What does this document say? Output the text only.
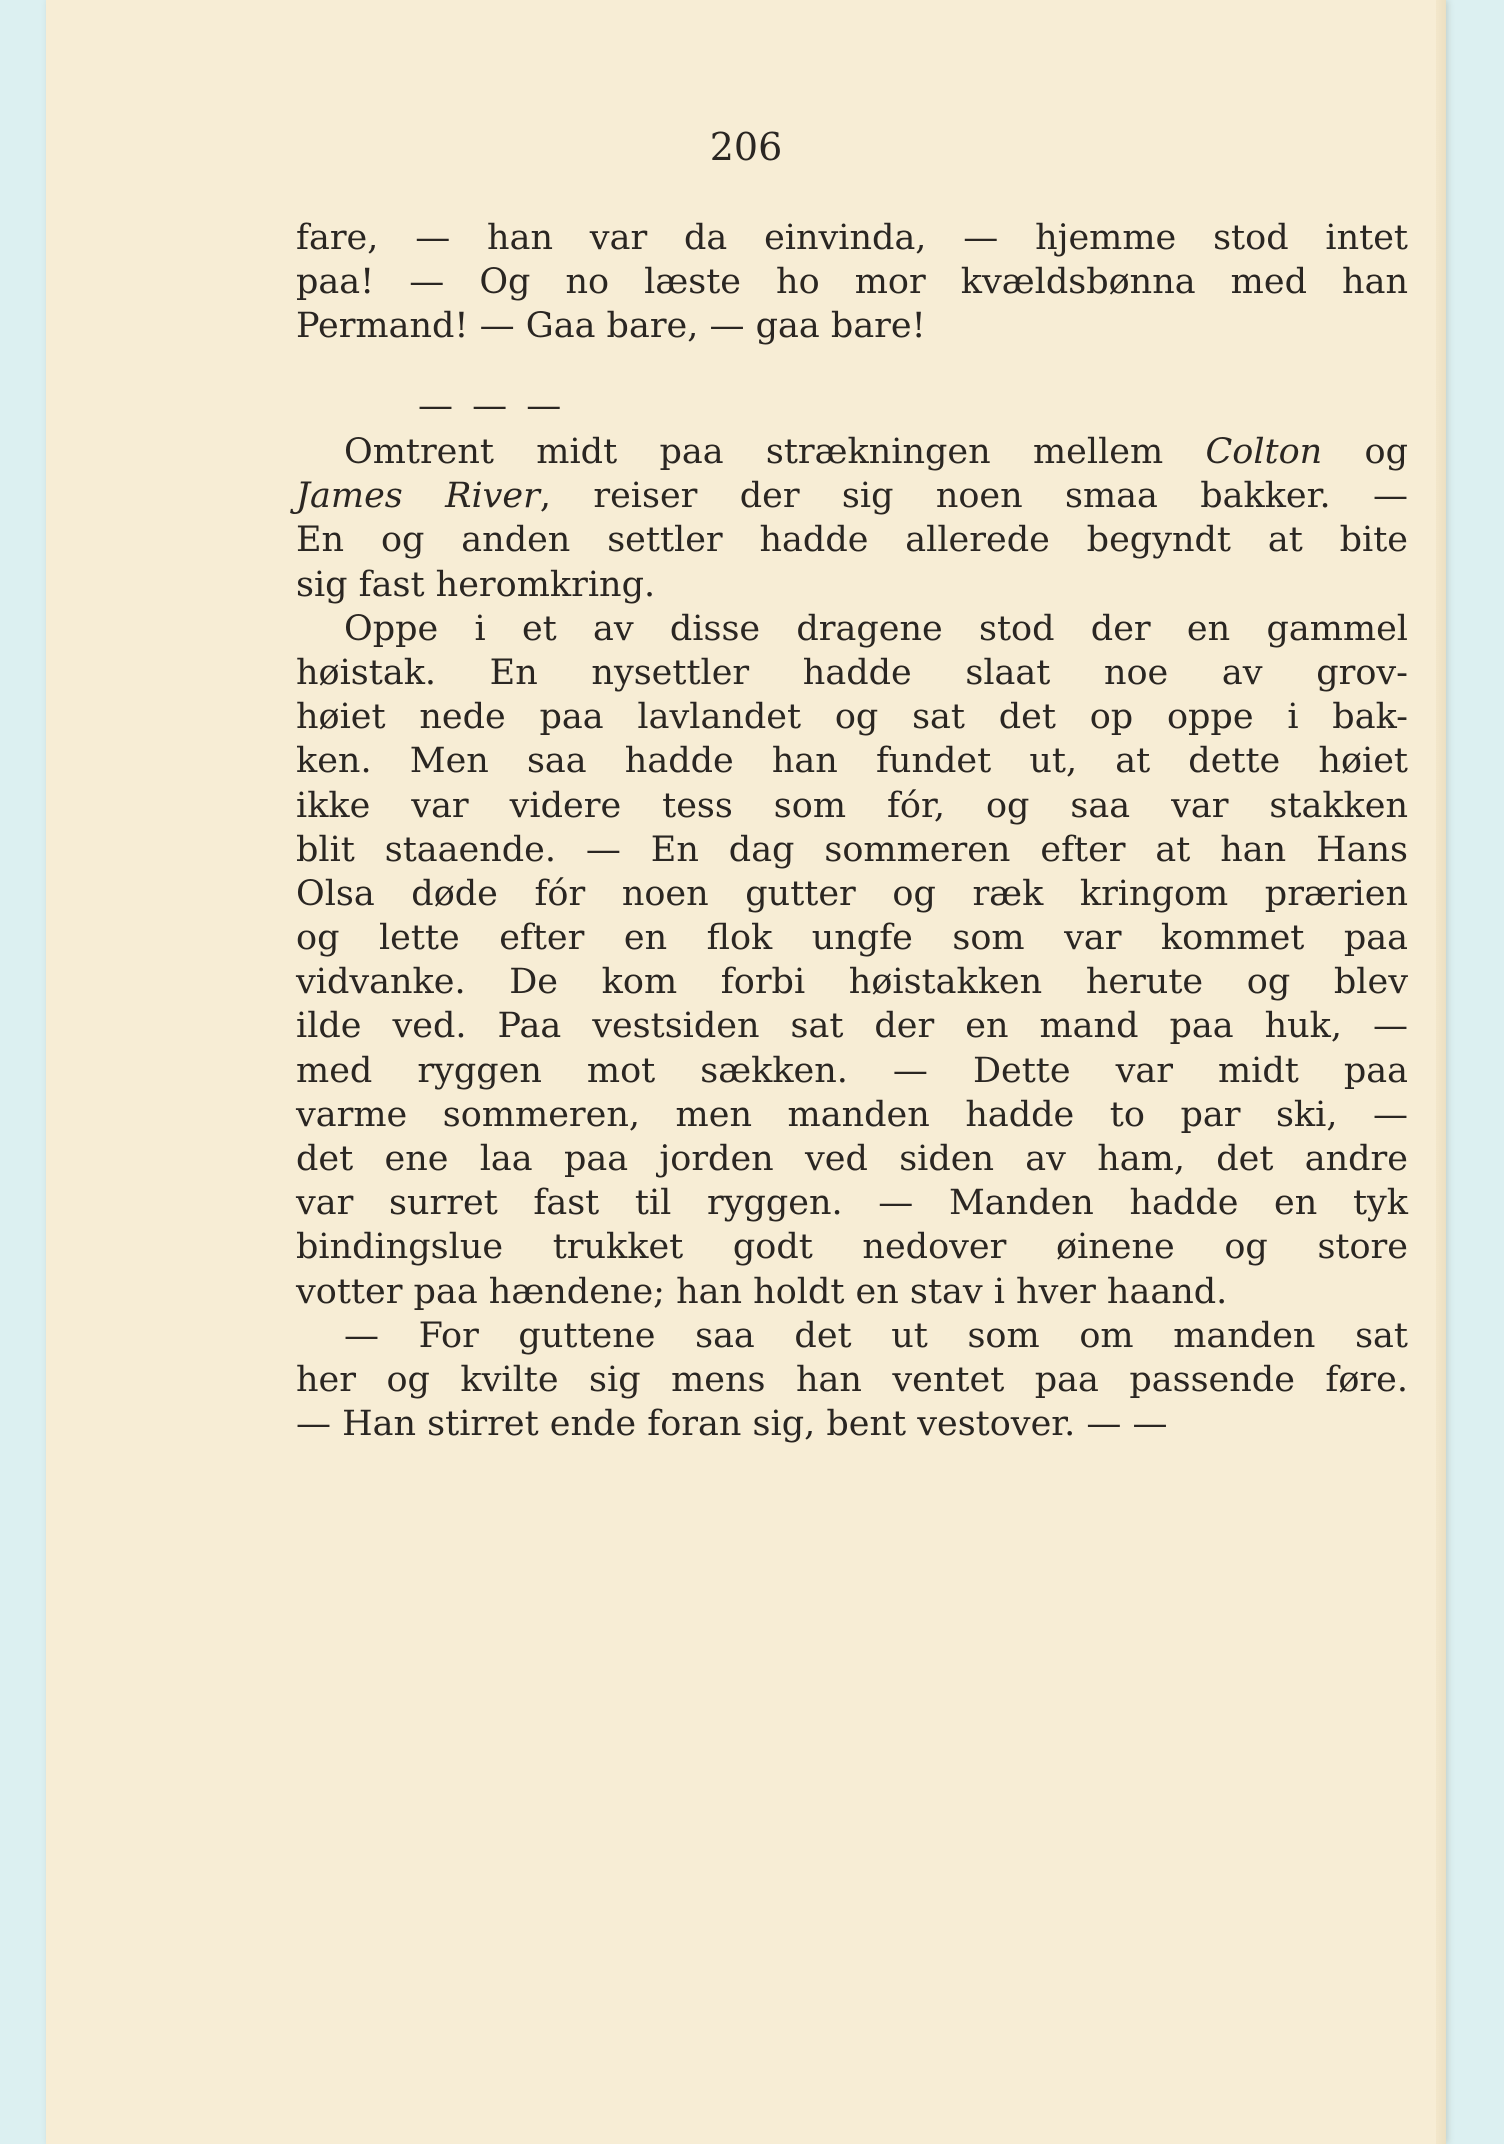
206
fare, — han var da einvinda, — hjemme stod intet
paa! — Og no læste ho mor kvældsbønna med han
Permand! — Gaa bare, — gaa bare!
— — —
Omtrent midt paa strækningen mellem Colton og
James River, reiser der sig noen smaa bakker. —
En og anden settler hadde allerede begyndt at bite
sig fast heromkring.
Oppe i et av disse dragene stod der en gammel
høistak. En nysettler hadde slaat noe av grov-
høiet nede paa lavlandet og sat det op oppe i bak-
ken. Men saa hadde han fundet ut, at dette høiet
ikke var videre tess som fór, og saa var stakken
blit staaende. — En dag sommeren efter at han Hans
Olsa døde fór noen gutter og ræk kringom prærien
og lette efter en flok ungfe som var kommet paa
vidvanke. De kom forbi høistakken herute og blev
ilde ved. Paa vestsiden sat der en mand paa huk, —
med ryggen mot sækken. — Dette var midt paa
varme sommeren, men manden hadde to par ski, —
det ene laa paa jorden ved siden av ham, det andre
var surret fast til ryggen. — Manden hadde en tyk
bindingslue trukket godt nedover øinene og store
votter paa hændene; han holdt en stav i hver haand.
— For guttene saa det ut som om manden sat
her og kvilte sig mens han ventet paa passende føre.
— Han stirret ende foran sig, bent vestover. — —
